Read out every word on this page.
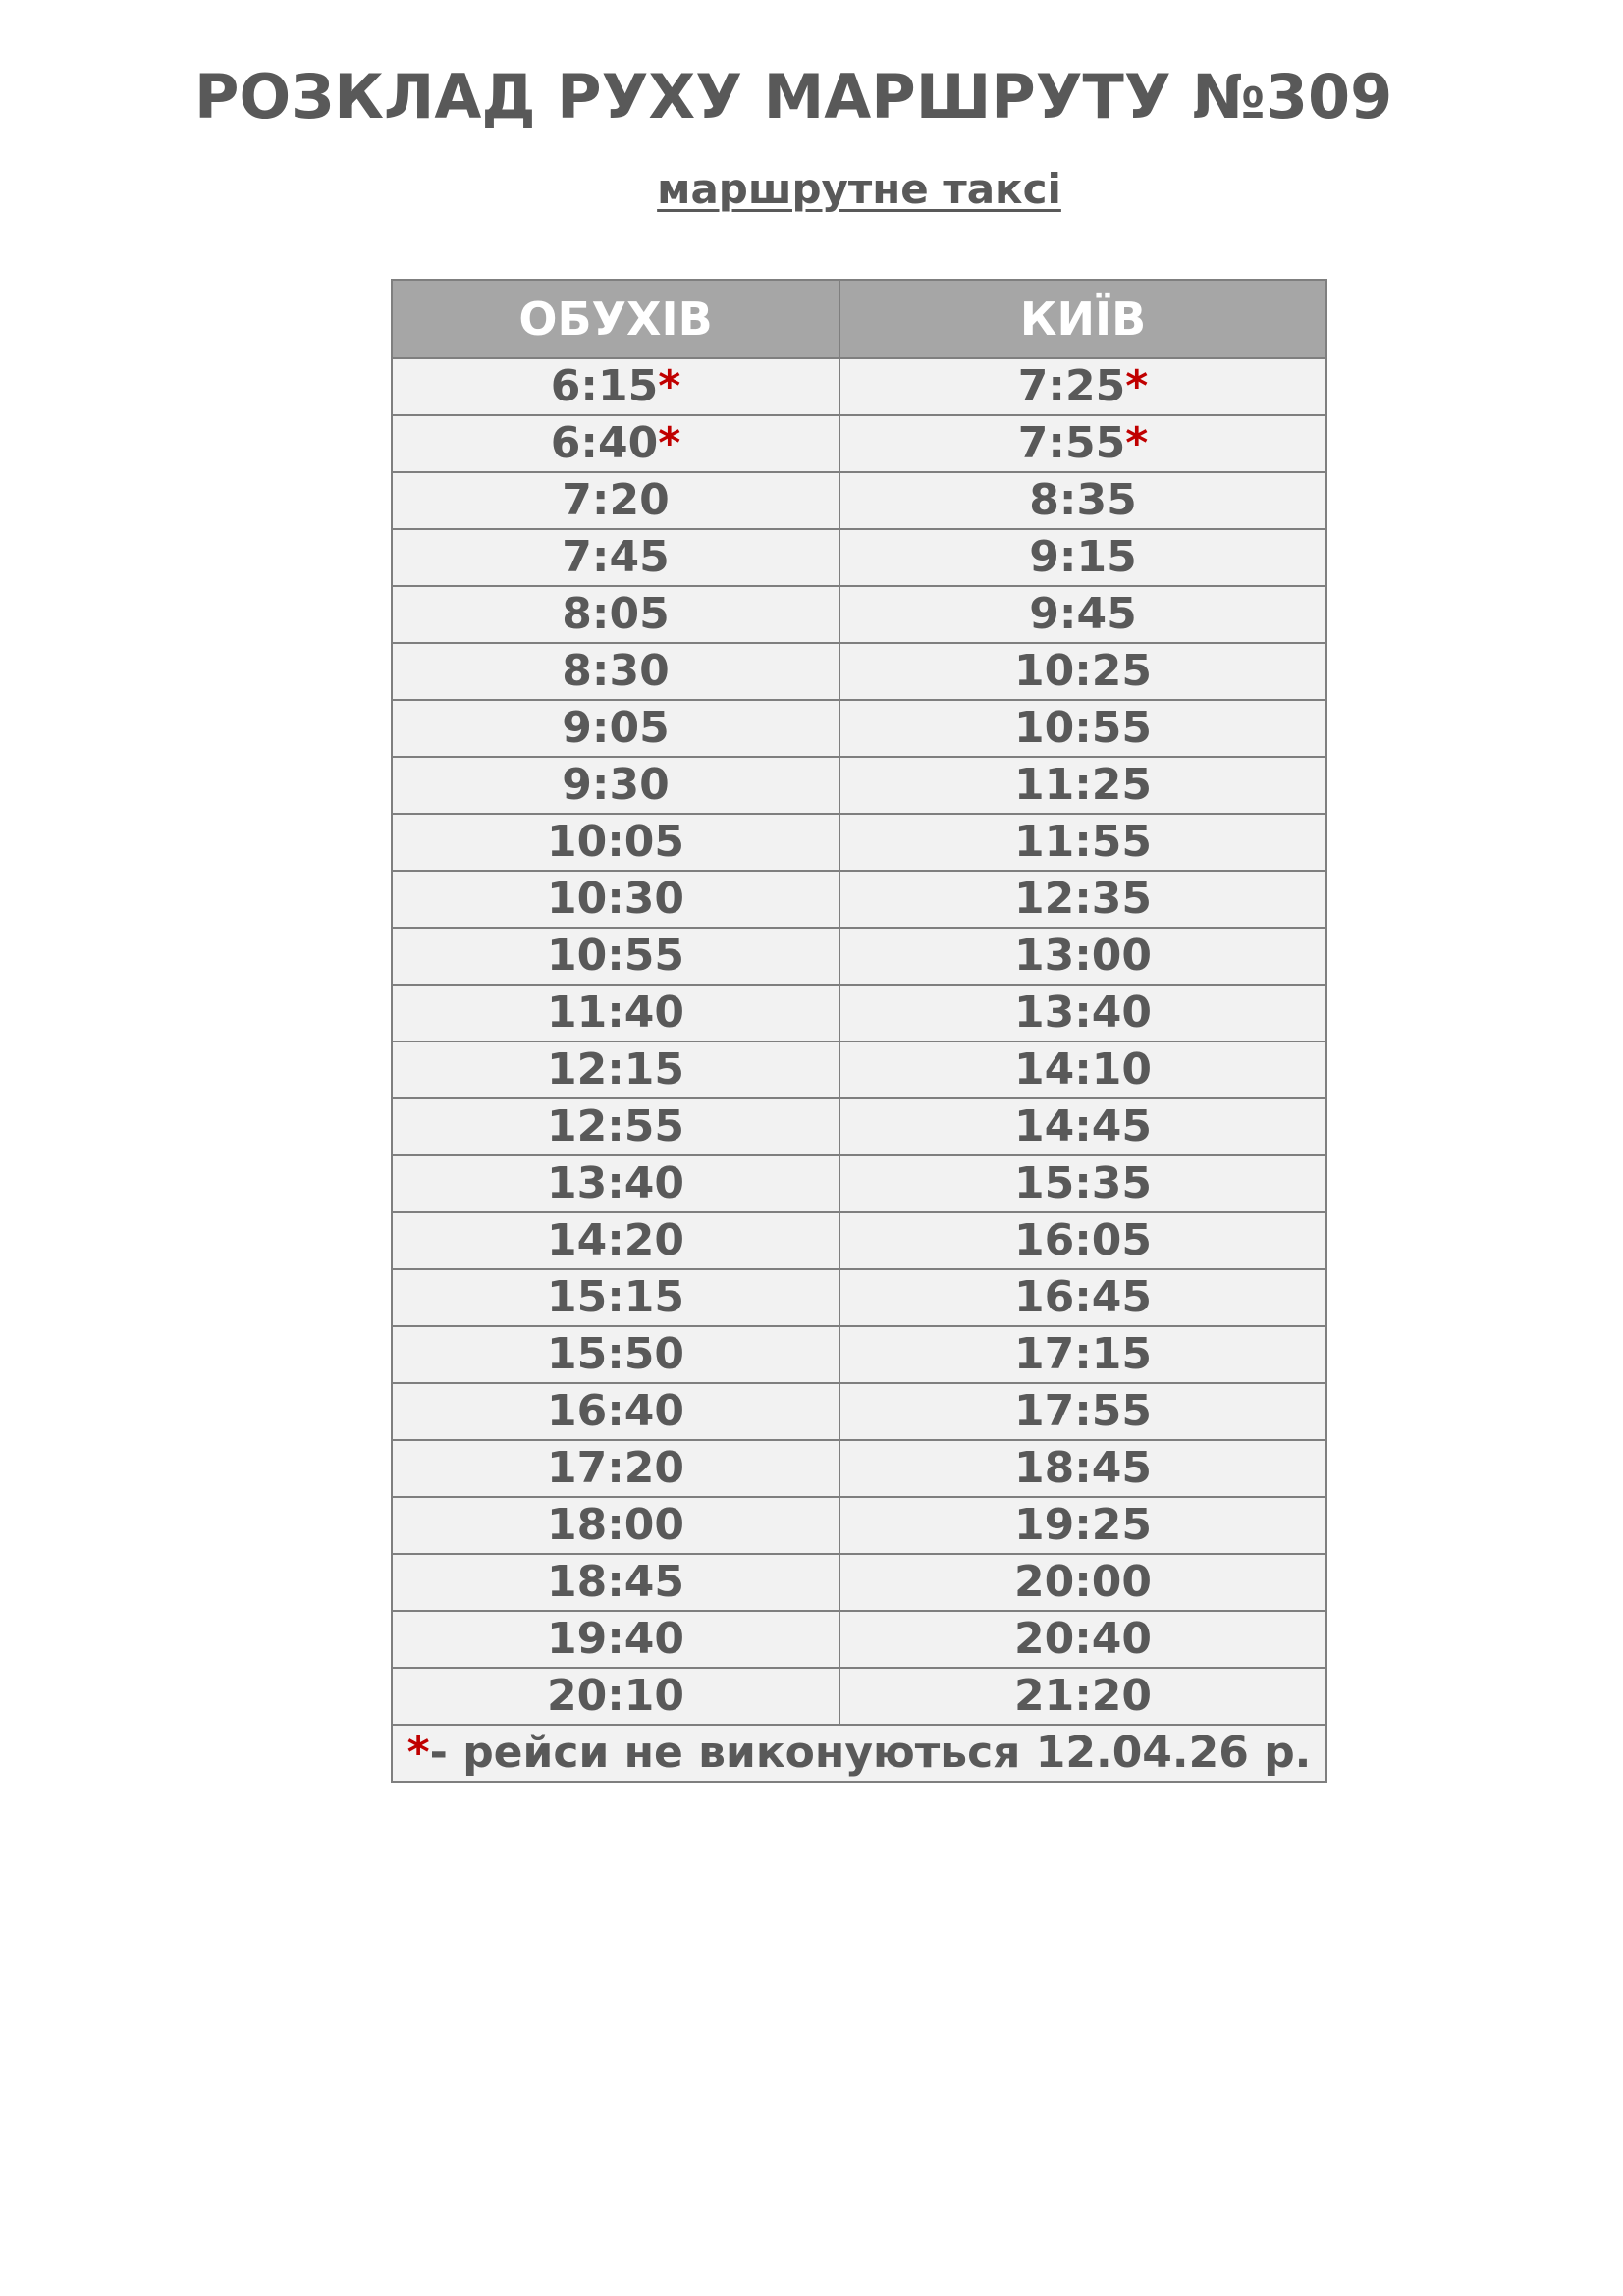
РОЗКЛАД РУХУ МАРШРУТУ №309
маршрутне таксі
ОБУХІВ	КИЇВ
6:15*	7:25*
6:40*	7:55*
7:20	8:35
7:45	9:15
8:05	9:45
8:30	10:25
9:05	10:55
9:30	11:25
10:05	11:55
10:30	12:35
10:55	13:00
11:40	13:40
12:15	14:10
12:55	14:45
13:40	15:35
14:20	16:05
15:15	16:45
15:50	17:15
16:40	17:55
17:20	18:45
18:00	19:25
18:45	20:00
19:40	20:40
20:10	21:20
*- рейси не виконуються 12.04.26 р.	
